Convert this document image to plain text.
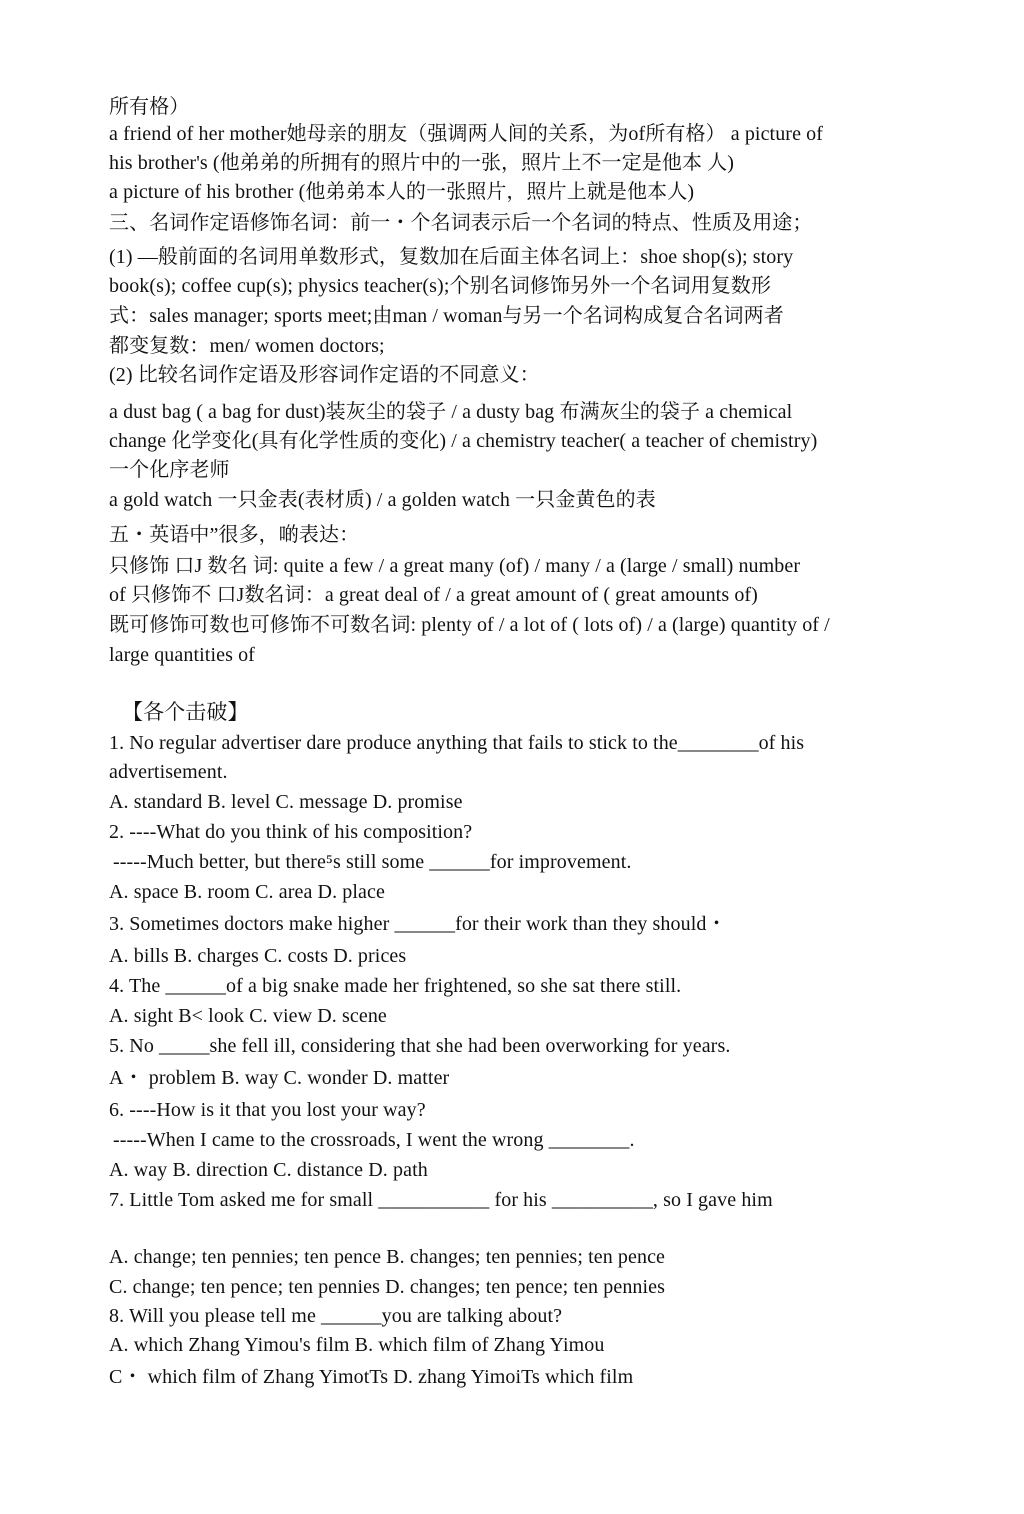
所有格）
a friend of her mother她母亲的朋友（强调两人间的关系，为of所有格） a picture of
his brother's (他弟弟的所拥有的照片中的一张，照片上不一定是他本 人)
a picture of his brother (他弟弟本人的一张照片，照片上就是他本人)
三、名词作定语修饰名词：前一・个名词表示后一个名词的特点、性质及用途；
(1) —般前面的名词用单数形式，复数加在后面主体名词上：shoe shop(s); story
book(s); coffee cup(s); physics teacher(s);个别名词修饰另外一个名词用复数形
式：sales manager; sports meet;由man / woman与另一个名词构成复合名词两者
都变复数：men/ women doctors;
(2) 比较名词作定语及形容词作定语的不同意义：
a dust bag ( a bag for dust)装灰尘的袋子 / a dusty bag 布满灰尘的袋子 a chemical
change 化学变化(具有化学性质的变化) / a chemistry teacher( a teacher of chemistry)
一个化序老师
a gold watch 一只金表(表材质) / a golden watch 一只金黄色的表
五・英语中”很多，啲表达：
只修饰 口J 数名 词: quite a few / a great many (of) / many / a (large / small) number
of 只修饰不 口J数名词：a great deal of / a great amount of ( great amounts of)
既可修饰可数也可修饰不可数名词: plenty of / a lot of ( lots of) / a (large) quantity of /
large quantities of
【各个击破】
1. No regular advertiser dare produce anything that fails to stick to the________of his
advertisement.
A. standard B. level C. message D. promise
2. ----What do you think of his composition?
-----Much better, but there⁵s still some ______for improvement.
A. space B. room C. area D. place
3. Sometimes doctors make higher ______for their work than they should・
A. bills B. charges C. costs D. prices
4. The ______of a big snake made her frightened, so she sat there still.
A. sight B< look C. view D. scene
5. No _____she fell ill, considering that she had been overworking for years.
A・ problem B. way C. wonder D. matter
6. ----How is it that you lost your way?
-----When I came to the crossroads, I went the wrong ________.
A. way B. direction C. distance D. path
7. Little Tom asked me for small ___________ for his __________, so I gave him
A. change; ten pennies; ten pence B. changes; ten pennies; ten pence
C. change; ten pence; ten pennies D. changes; ten pence; ten pennies
8. Will you please tell me ______you are talking about?
A. which Zhang Yimou's film B. which film of Zhang Yimou
C・ which film of Zhang YimotTs D. zhang YimoiTs which film
